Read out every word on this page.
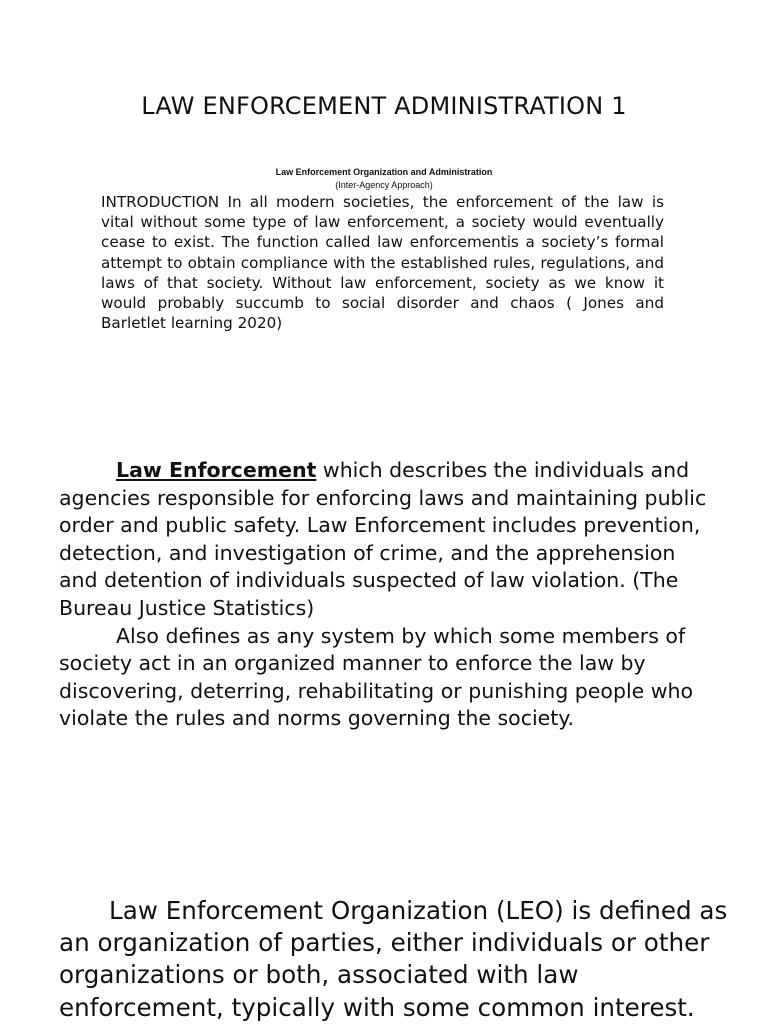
LAW ENFORCEMENT ADMINISTRATION 1
Law Enforcement Organization and Administration
(Inter-Agency Approach)

INTRODUCTION In all modern societies, the enforcement of the law is vital without some type of law enforcement, a society would eventually cease to exist. The function called law enforcementis a society’s formal attempt to obtain compliance with the established rules, regulations, and laws of that society. Without law enforcement, society as we know it would probably succumb to social disorder and chaos ( Jones and Barletlet learning 2020)

Law Enforcement which describes the individuals and agencies responsible for enforcing laws and maintaining public order and public safety. Law Enforcement includes prevention, detection, and investigation of crime, and the apprehension and detention of individuals suspected of law violation. (The Bureau Justice Statistics)

Also defines as any system by which some members of society act in an organized manner to enforce the law by discovering, deterring, rehabilitating or punishing people who violate the rules and norms governing the society.

Law Enforcement Organization (LEO) is defined as an organization of parties, either individuals or other organizations or both, associated with law enforcement, typically with some common interest.
